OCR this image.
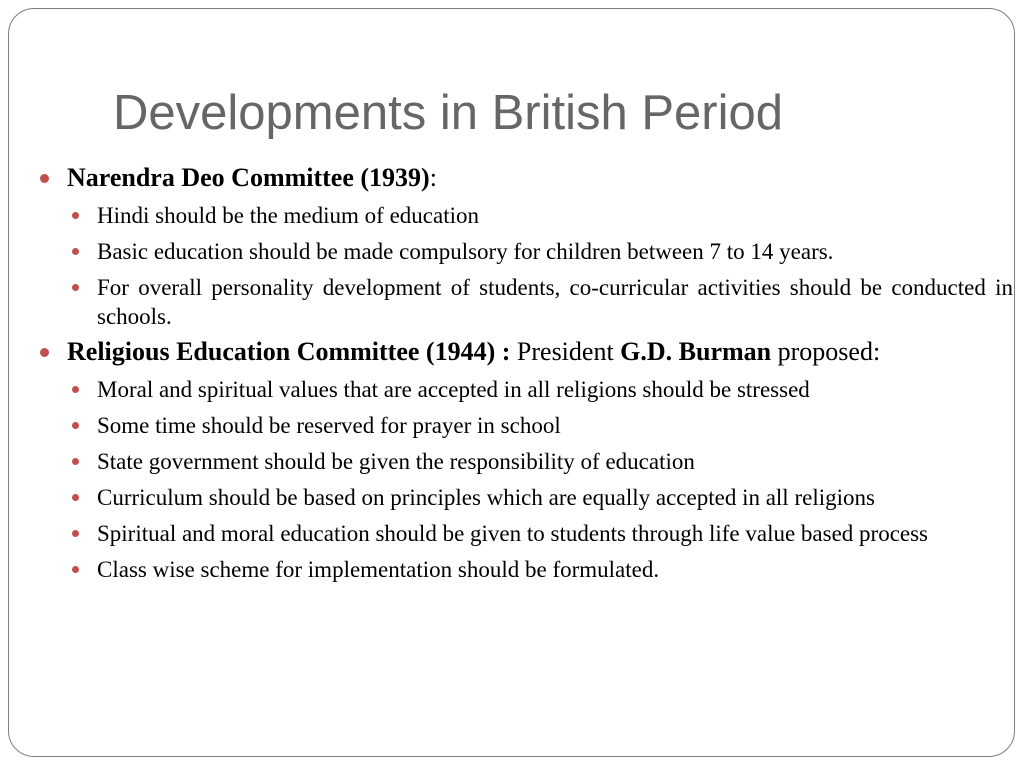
Developments in British Period
Narendra Deo Committee (1939):
Hindi should be the medium of education
Basic education should be made compulsory for children between 7 to 14 years.
For overall personality development of students, co-curricular activities should be conducted in schools.
Religious Education Committee (1944) : President G.D. Burman proposed:
Moral and spiritual values that are accepted in all religions should be stressed
Some time should be reserved for prayer in school
State government should be given the responsibility of education
Curriculum should be based on principles which are equally accepted in all religions
Spiritual and moral education should be given to students through life value based process
Class wise scheme for implementation should be formulated.
